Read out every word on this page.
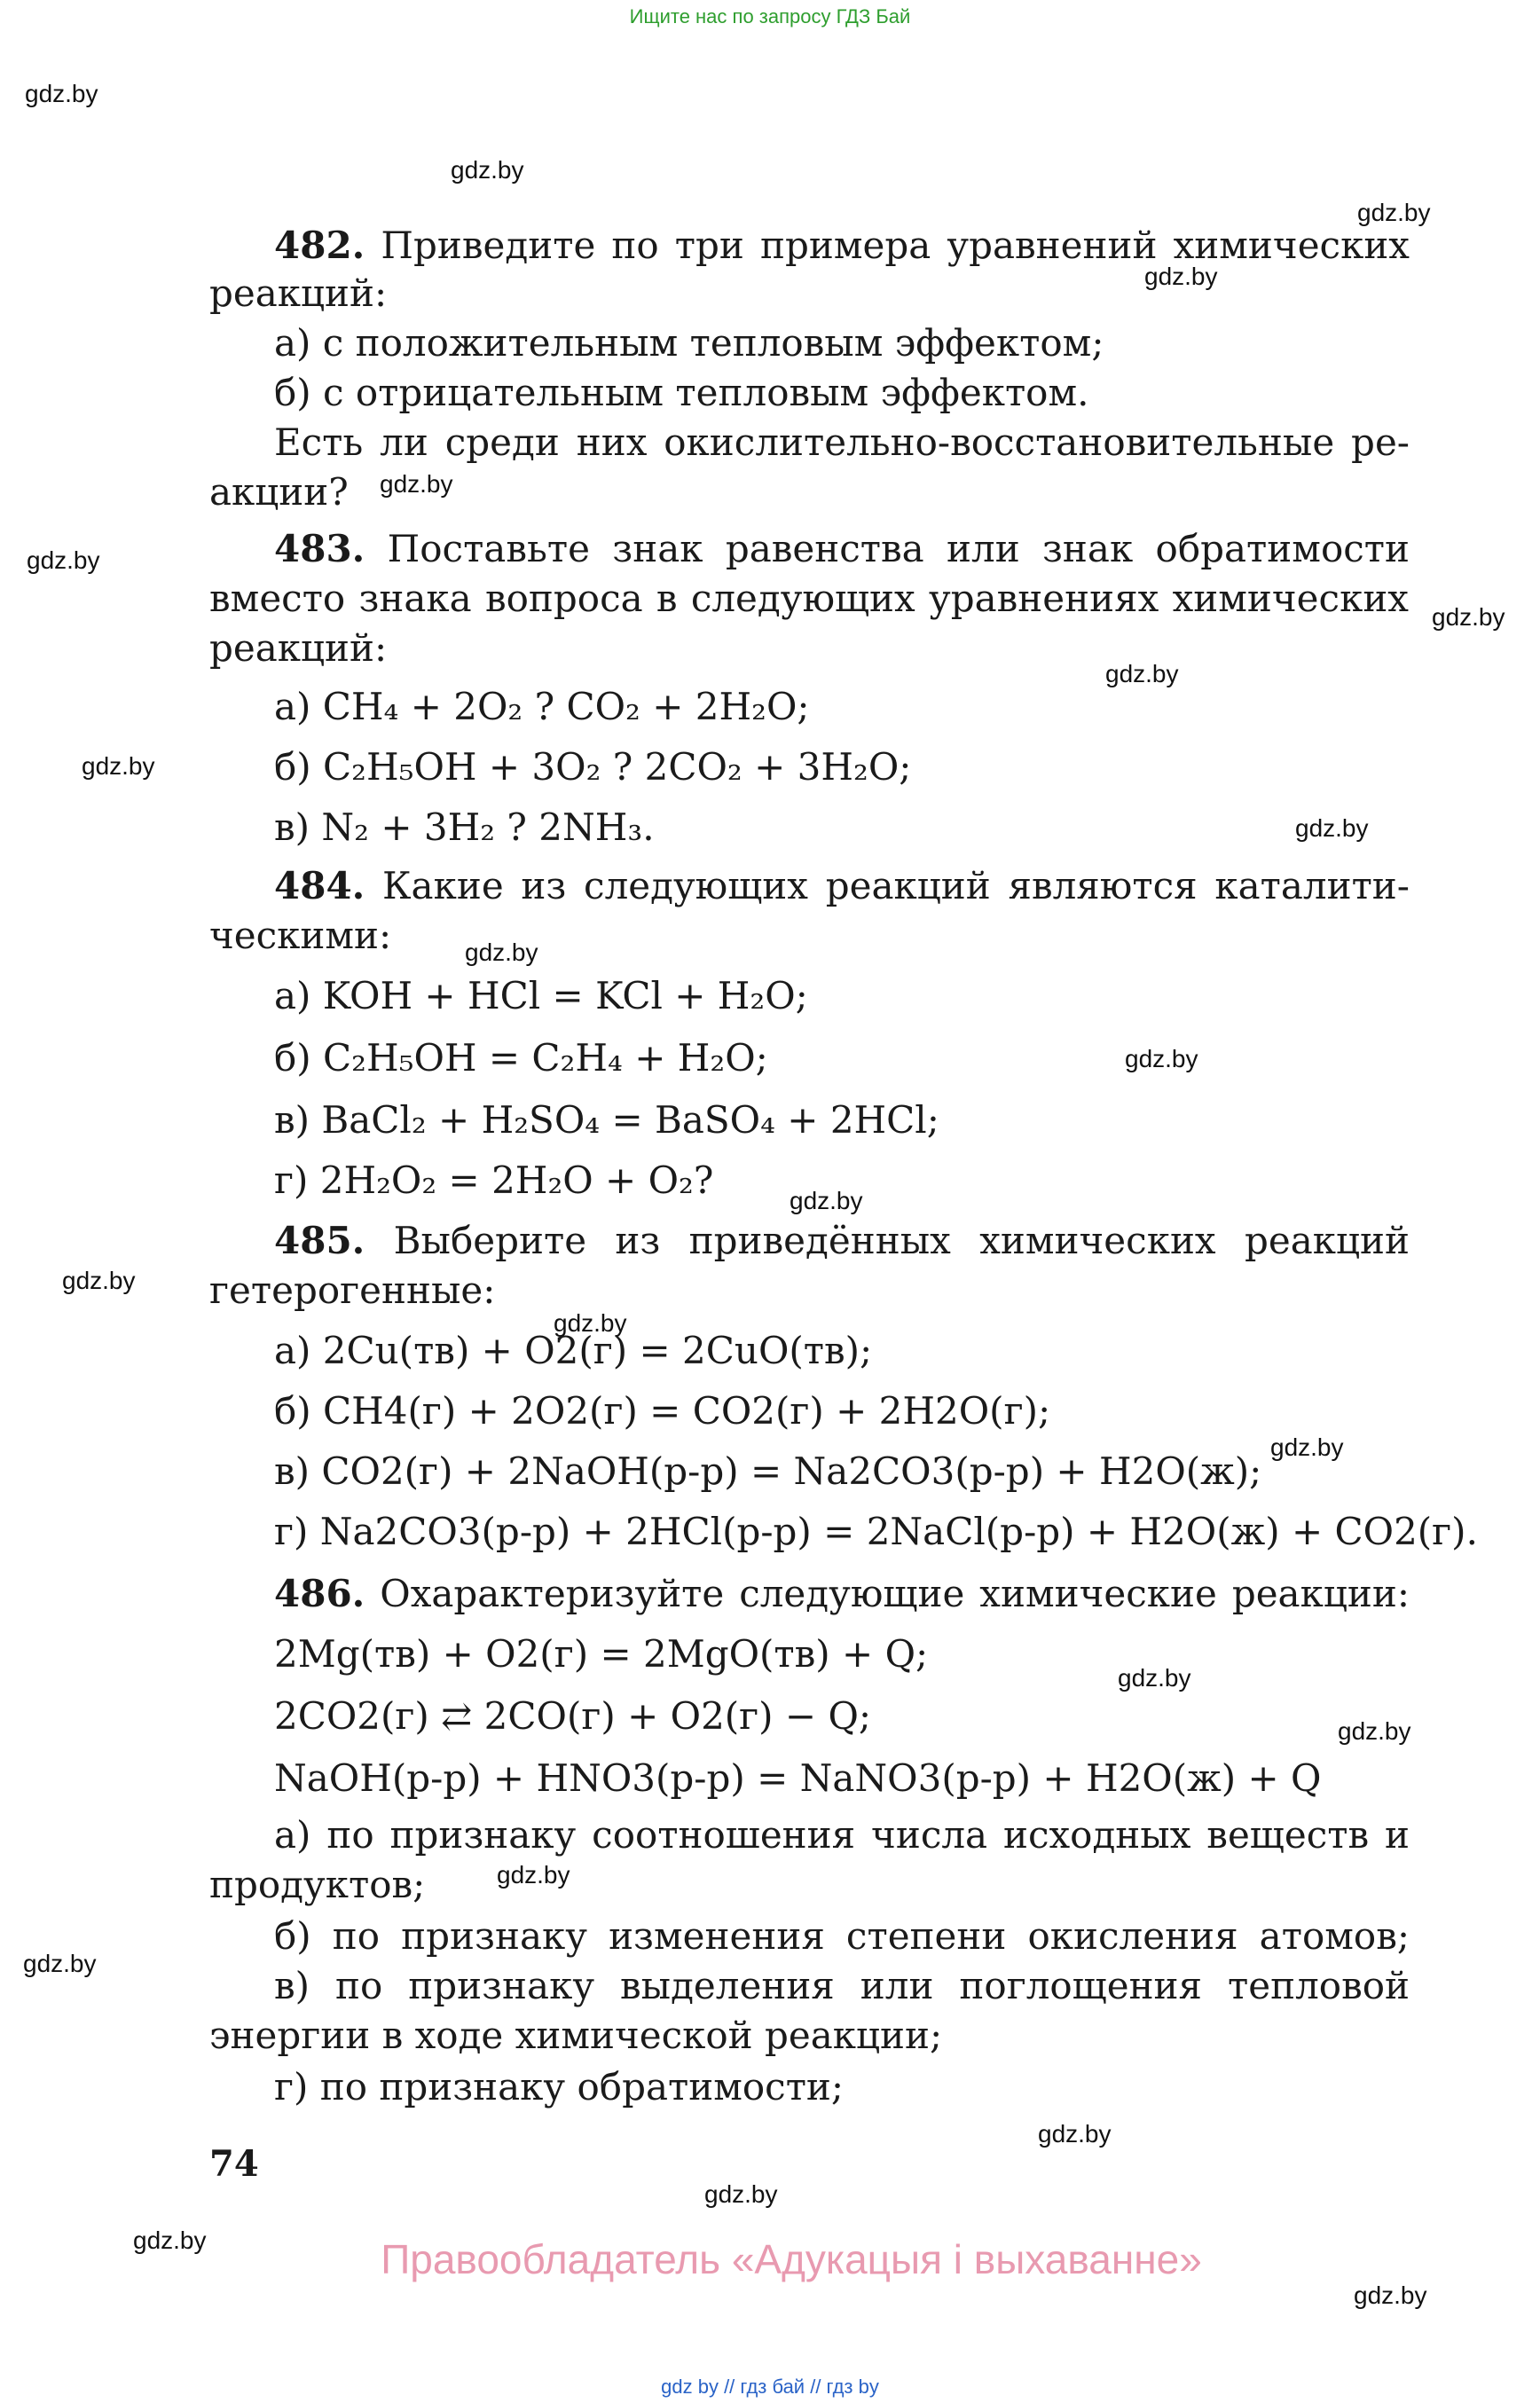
Ищите нас по запросу ГДЗ Бай
gdz.by
gdz.by
gdz.by
gdz.by
gdz.by
gdz.by
gdz.by
gdz.by
gdz.by
gdz.by
gdz.by
gdz.by
gdz.by
gdz.by
gdz.by
gdz.by
gdz.by
gdz.by
gdz.by
gdz.by
gdz.by
gdz.by
gdz.by
gdz.by
482. Приведите по три примера уравнений химических
реакций:
а) с положительным тепловым эффектом;
б) с отрицательным тепловым эффектом.
Есть ли среди них окислительно-восстановительные ре-
акции?
483. Поставьте знак равенства или знак обратимости
вместо знака вопроса в следующих уравнениях химических
реакций:
а) CH₄ + 2O₂ ? CO₂ + 2H₂O;
б) C₂H₅OH + 3O₂ ? 2CO₂ + 3H₂O;
в) N₂ + 3H₂ ? 2NH₃.
484. Какие из следующих реакций являются каталити-
ческими:
а) KOH + HCl = KCl + H₂O;
б) C₂H₅OH = C₂H₄ + H₂O;
в) BaCl₂ + H₂SO₄ = BaSO₄ + 2HCl;
г) 2H₂O₂ = 2H₂O + O₂?
485. Выберите из приведённых химических реакций
гетерогенные:
а) 2Cu(тв) + O2(г) = 2CuO(тв);
б) CH4(г) + 2O2(г) = CO2(г) + 2H2O(г);
в) CO2(г) + 2NaOH(р-р) = Na2CO3(р-р) + H2O(ж);
г) Na2CO3(р-р) + 2HCl(р-р) = 2NaCl(р-р) + H2O(ж) + CO2(г).
486. Охарактеризуйте следующие химические реакции:
2Mg(тв) + O2(г) = 2MgO(тв) + Q;
2CO2(г) ⇄ 2CO(г) + O2(г) − Q;
NaOH(р-р) + HNO3(р-р) = NaNO3(р-р) + H2O(ж) + Q
а) по признаку соотношения числа исходных веществ и
продуктов;
б) по признаку изменения степени окисления атомов;
в) по признаку выделения или поглощения тепловой
энергии в ходе химической реакции;
г) по признаку обратимости;
74
Правообладатель «Адукацыя і выхаванне»
gdz by // гдз бай // гдз by
